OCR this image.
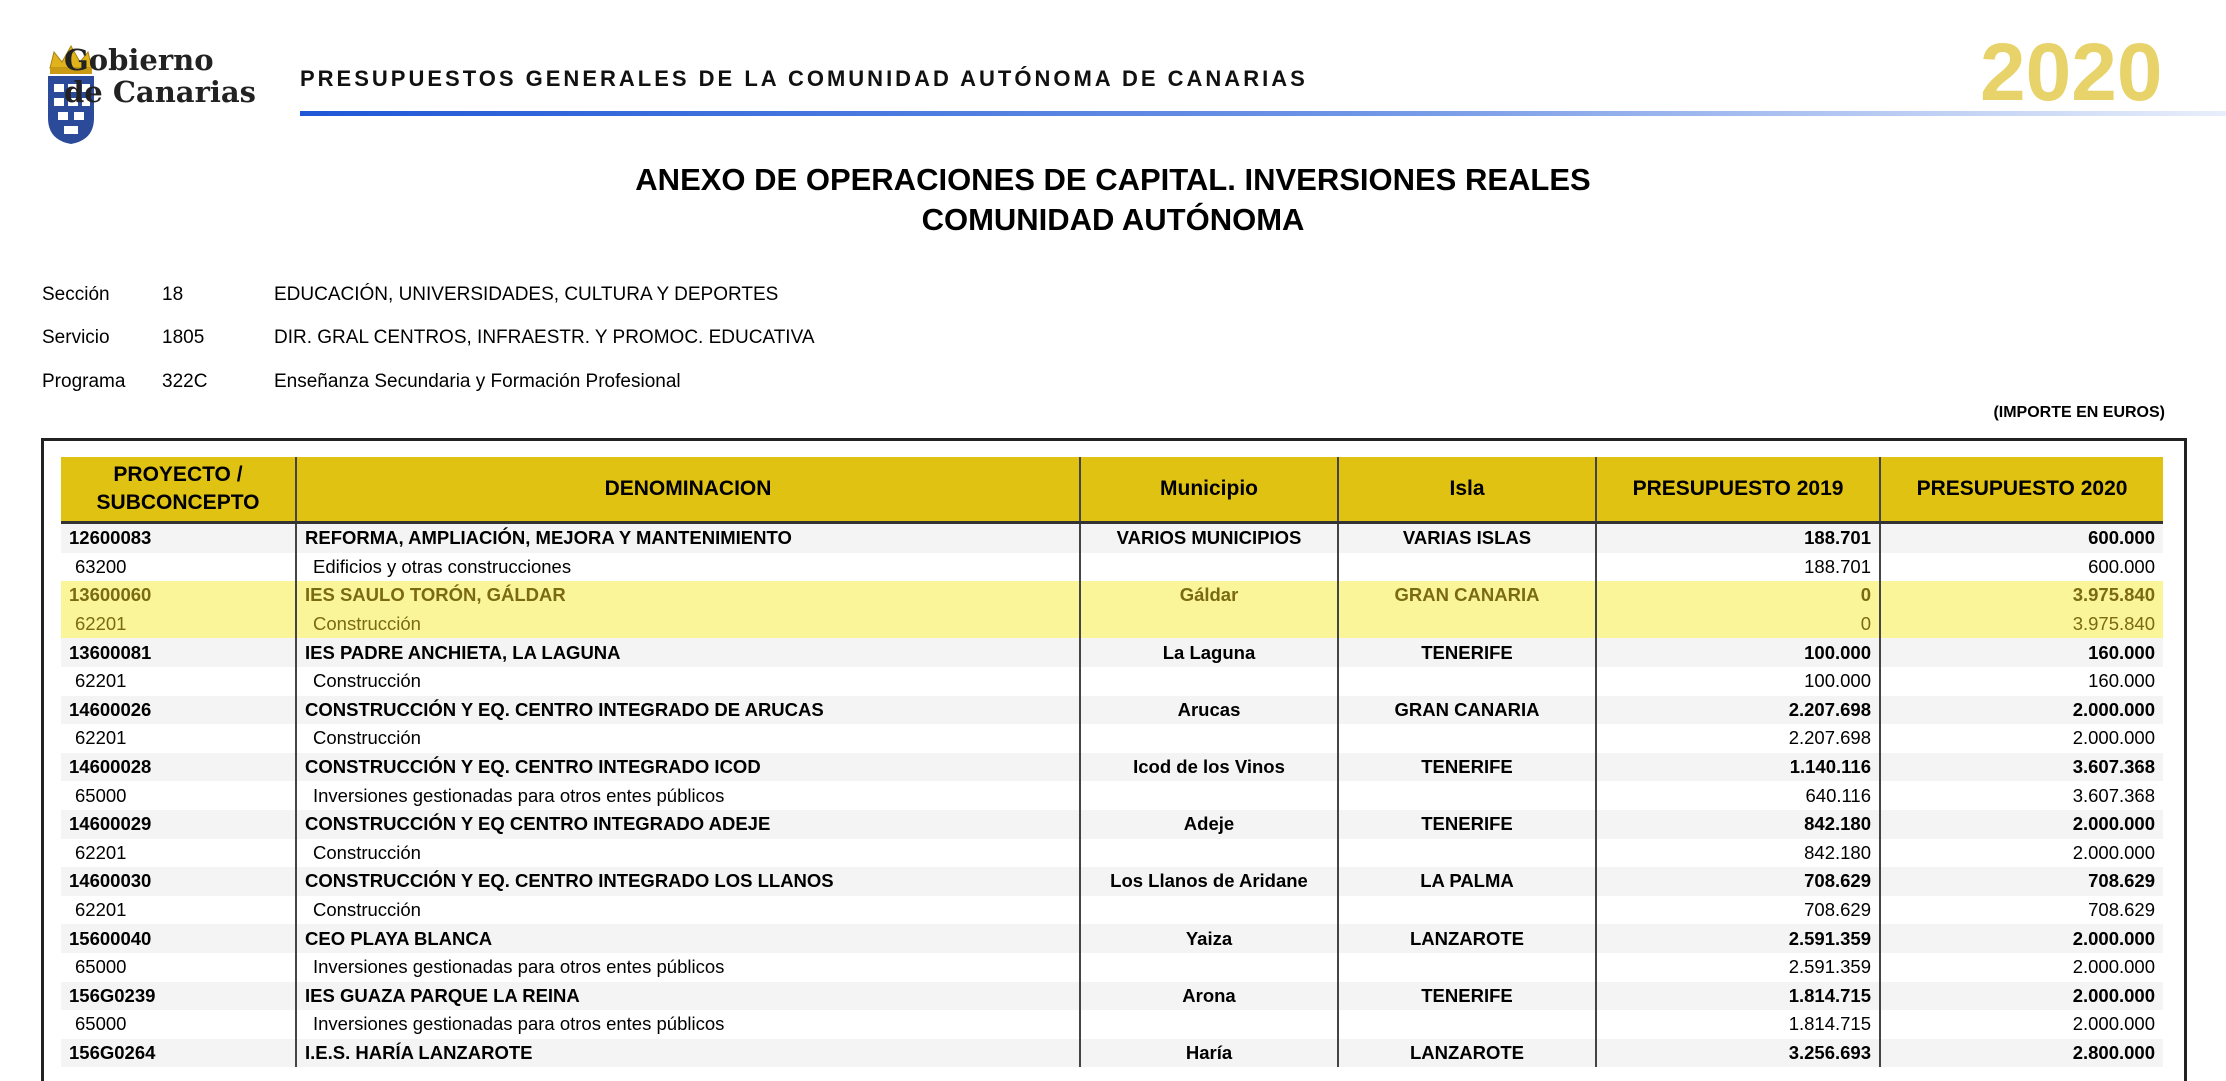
Gobierno
de Canarias PRESUPUESTOS GENERALES DE LA COMUNIDAD AUTÓNOMA DE CANARIAS	2020
ANEXO DE OPERACIONES DE CAPITAL. INVERSIONES REALES
COMUNIDAD AUTÓNOMA
Sección	18	EDUCACIÓN, UNIVERSIDADES, CULTURA Y DEPORTES
Servicio	1805	DIR. GRAL CENTROS, INFRAESTR. Y PROMOC. EDUCATIVA
Programa 322C	Enseñanza Secundaria y Formación Profesional
(IMPORTE EN EUROS)
PROYECTO / SUBCONCEPTO	DENOMINACION	Municipio	Isla	PRESUPUESTO 2019	PRESUPUESTO 2020
12600083	REFORMA, AMPLIACIÓN, MEJORA Y MANTENIMIENTO	VARIOS MUNICIPIOS	VARIAS ISLAS	188.701	600.000
63200	Edificios y otras construcciones			188.701	600.000
13600060	IES SAULO TORÓN, GÁLDAR	Gáldar	GRAN CANARIA	0	3.975.840
62201	Construcción			0	3.975.840
13600081	IES PADRE ANCHIETA, LA LAGUNA	La Laguna	TENERIFE	100.000	160.000
62201	Construcción			100.000	160.000
14600026	CONSTRUCCIÓN Y EQ. CENTRO INTEGRADO DE ARUCAS	Arucas	GRAN CANARIA	2.207.698	2.000.000
62201	Construcción			2.207.698	2.000.000
14600028	CONSTRUCCIÓN Y EQ. CENTRO INTEGRADO ICOD	Icod de los Vinos	TENERIFE	1.140.116	3.607.368
65000	Inversiones gestionadas para otros entes públicos			640.116	3.607.368
14600029	CONSTRUCCIÓN Y EQ CENTRO INTEGRADO ADEJE	Adeje	TENERIFE	842.180	2.000.000
62201	Construcción			842.180	2.000.000
14600030	CONSTRUCCIÓN Y EQ. CENTRO INTEGRADO LOS LLANOS	Los Llanos de Aridane	LA PALMA	708.629	708.629
62201	Construcción			708.629	708.629
15600040	CEO PLAYA BLANCA	Yaiza	LANZAROTE	2.591.359	2.000.000
65000	Inversiones gestionadas para otros entes públicos			2.591.359	2.000.000
156G0239	IES GUAZA PARQUE LA REINA	Arona	TENERIFE	1.814.715	2.000.000
65000	Inversiones gestionadas para otros entes públicos			1.814.715	2.000.000
156G0264	I.E.S. HARÍA LANZAROTE	Haría	LANZAROTE	3.256.693	2.800.000
